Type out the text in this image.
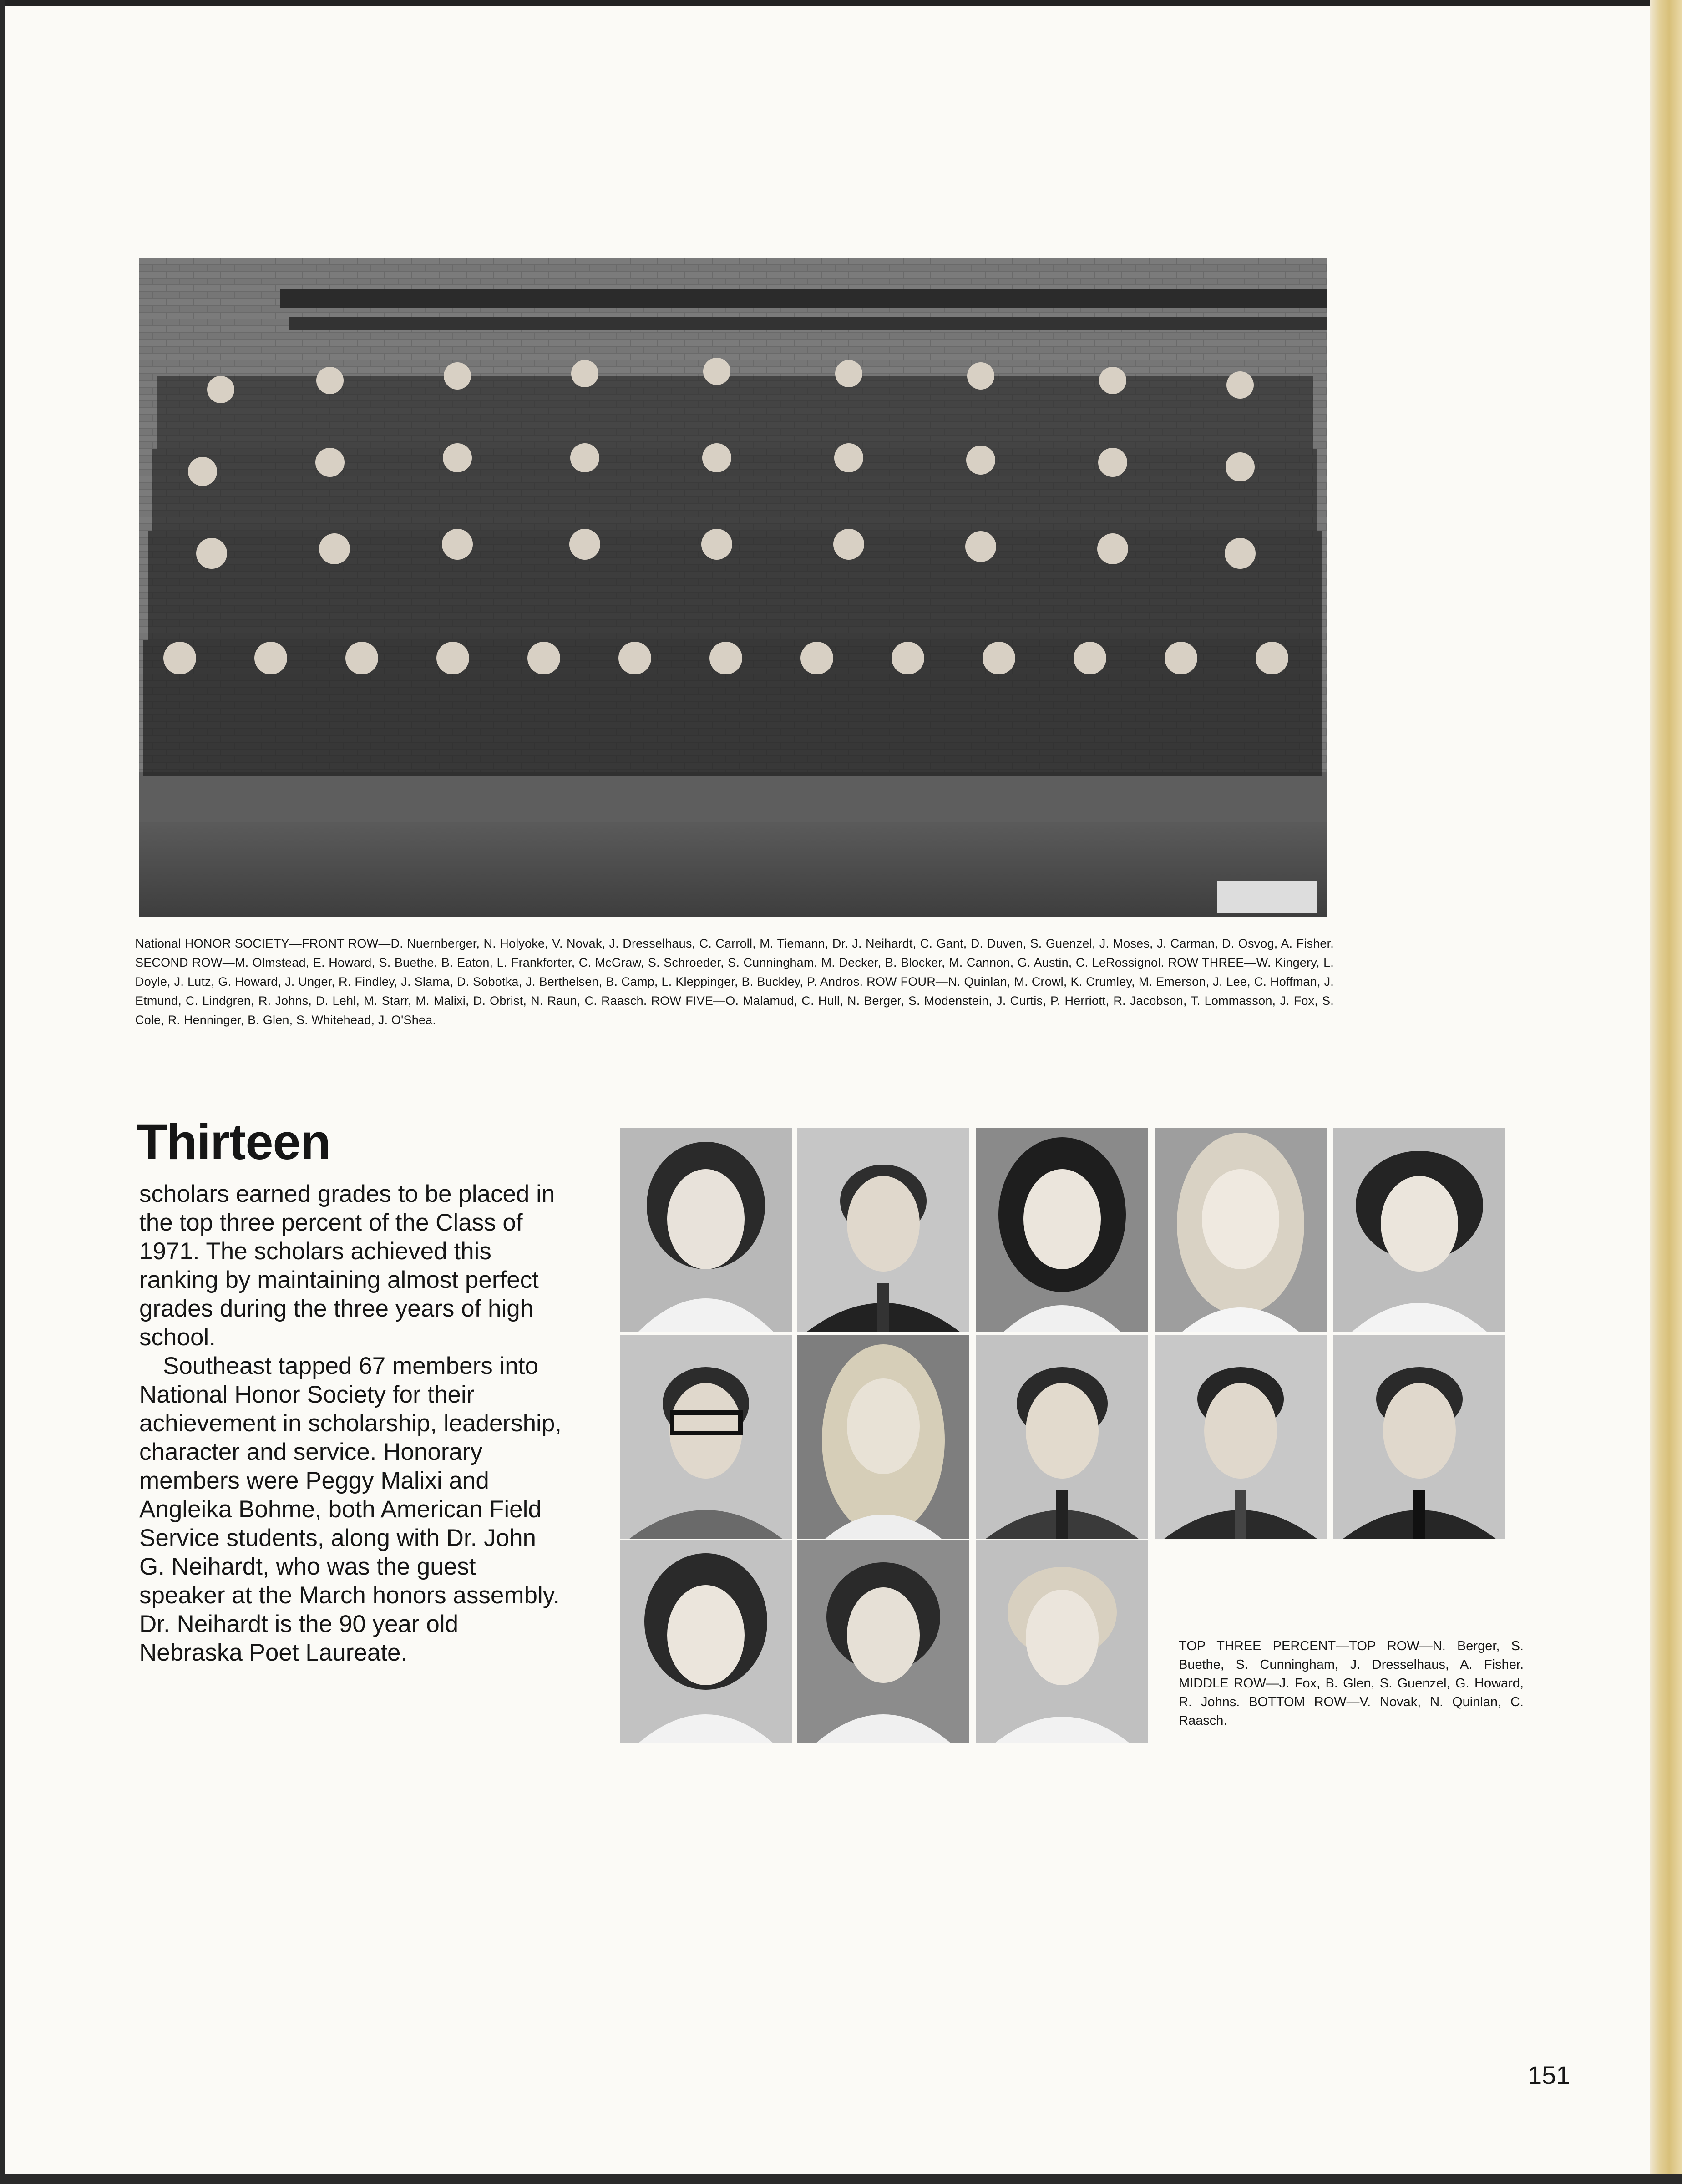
National HONOR SOCIETY—FRONT ROW—D. Nuernberger, N. Holyoke, V. Novak, J. Dresselhaus, C. Carroll, M. Tiemann, Dr. J. Neihardt, C. Gant, D. Duven, S. Guenzel, J. Moses, J. Carman, D. Osvog, A. Fisher. SECOND ROW—M. Olmstead, E. Howard, S. Buethe, B. Eaton, L. Frankforter, C. McGraw, S. Schroeder, S. Cunningham, M. Decker, B. Blocker, M. Cannon, G. Austin, C. LeRossignol. ROW THREE—W. Kingery, L. Doyle, J. Lutz, G. Howard, J. Unger, R. Findley, J. Slama, D. Sobotka, J. Berthelsen, B. Camp, L. Kleppinger, B. Buckley, P. Andros. ROW FOUR—N. Quinlan, M. Crowl, K. Crumley, M. Emerson, J. Lee, C. Hoffman, J. Etmund, C. Lindgren, R. Johns, D. Lehl, M. Starr, M. Malixi, D. Obrist, N. Raun, C. Raasch. ROW FIVE—O. Malamud, C. Hull, N. Berger, S. Modenstein, J. Curtis, P. Herriott, R. Jacobson, T. Lommasson, J. Fox, S. Cole, R. Henninger, B. Glen, S. Whitehead, J. O'Shea.
Thirteen

scholars earned grades to be placed in the top three percent of the Class of 1971. The scholars achieved this ranking by maintaining almost perfect grades during the three years of high school.

Southeast tapped 67 members into National Honor Society for their achievement in scholarship, leadership, character and service. Honorary members were Peggy Malixi and Angleika Bohme, both American Field Service students, along with Dr. John G. Neihardt, who was the guest speaker at the March honors assembly. Dr. Neihardt is the 90 year old Nebraska Poet Laureate.	TOP THREE PERCENT—TOP ROW—N. Berger, S. Buethe, S. Cunningham, J. Dresselhaus, A. Fisher. MIDDLE ROW—J. Fox, B. Glen, S. Guenzel, G. Howard, R. Johns. BOTTOM ROW—V. Novak, N. Quinlan, C. Raasch.
151
